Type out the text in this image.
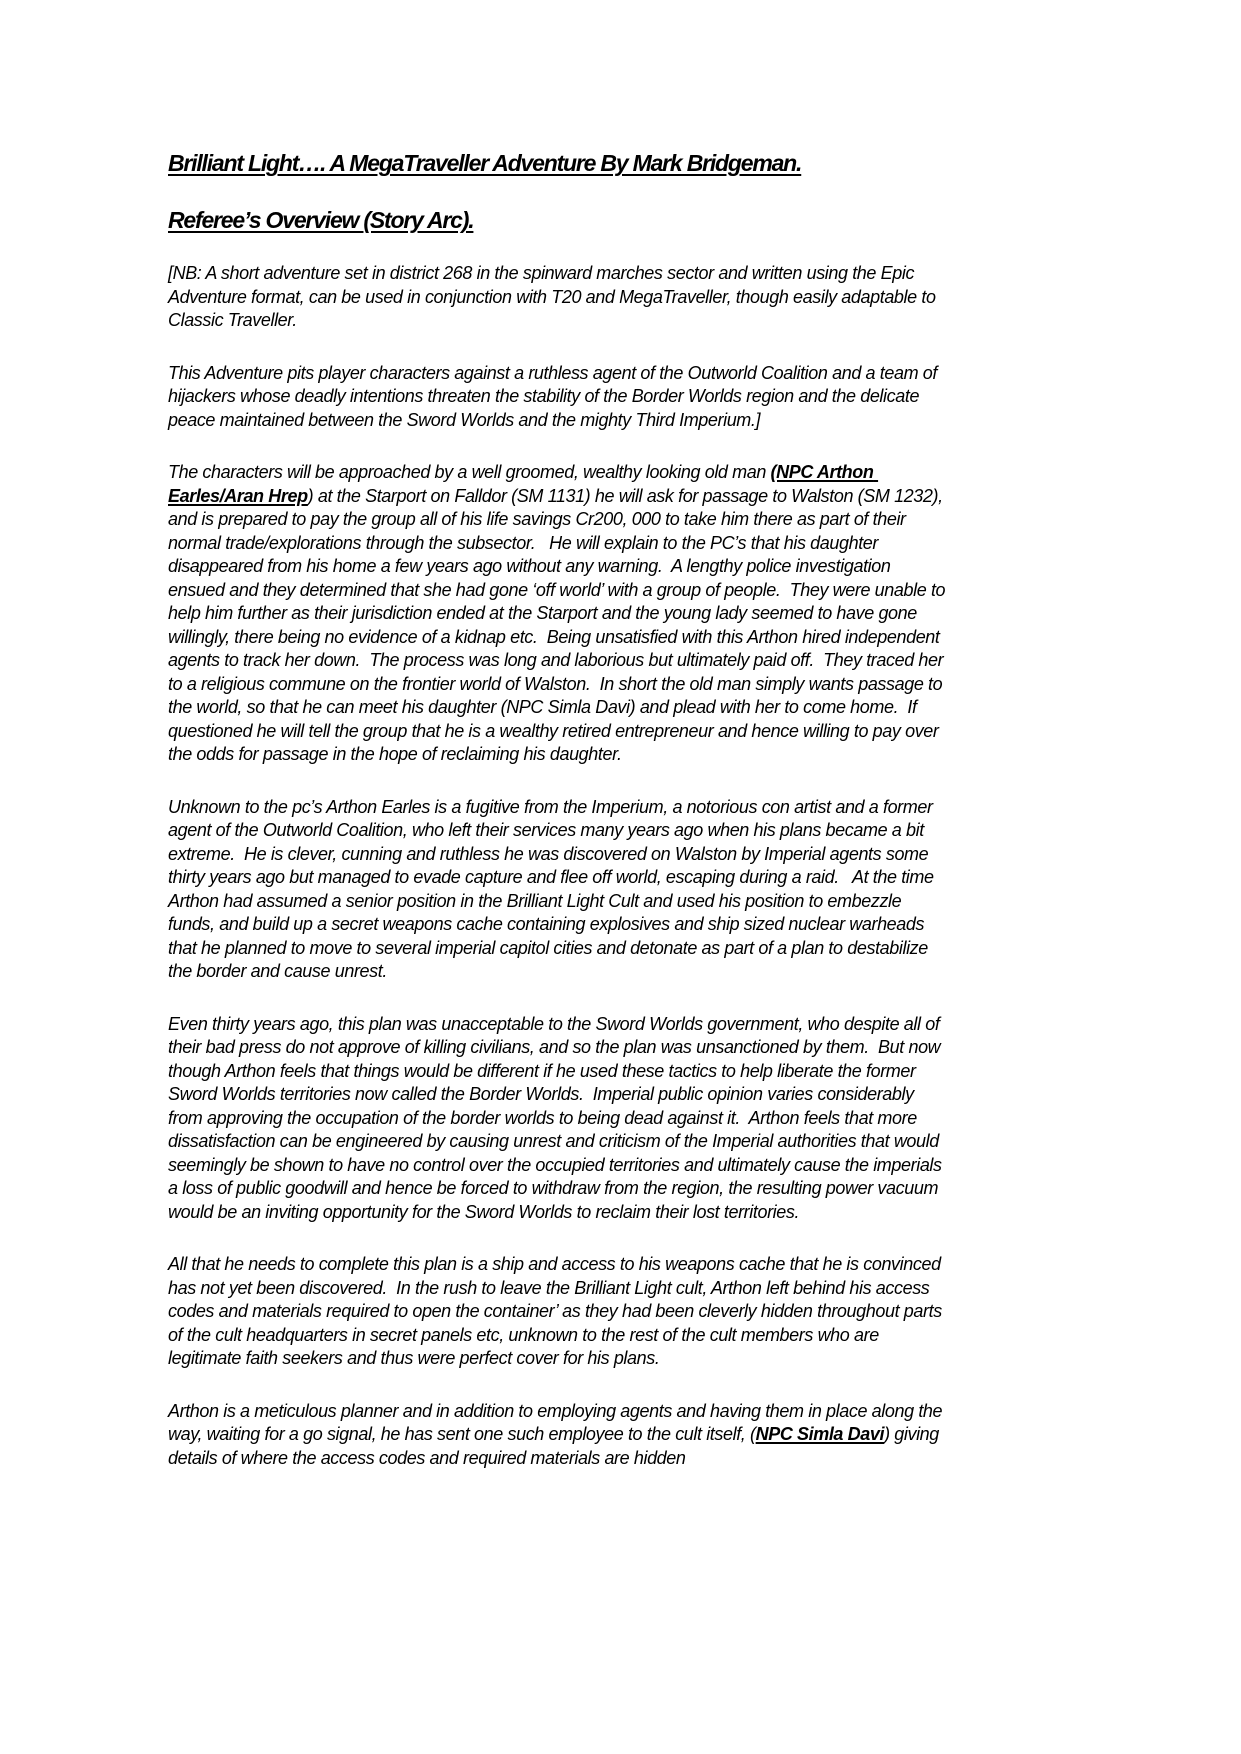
Brilliant Light…. A MegaTraveller Adventure By Mark Bridgeman.
Referee’s Overview (Story Arc).

[NB: A short adventure set in district 268 in the spinward marches sector and written using the Epic Adventure format, can be used in conjunction with T20 and MegaTraveller, though easily adaptable to Classic Traveller.

This Adventure pits player characters against a ruthless agent of the Outworld Coalition and a team of hijackers whose deadly intentions threaten the stability of the Border Worlds region and the delicate peace maintained between the Sword Worlds and the mighty Third Imperium.]

The characters will be approached by a well groomed, wealthy looking old man (NPC Arthon Earles/Aran Hrep) at the Starport on Falldor (SM 1131) he will ask for passage to Walston (SM 1232), and is prepared to pay the group all of his life savings Cr200, 000 to take him there as part of their normal trade/explorations through the subsector.   He will explain to the PC’s that his daughter disappeared from his home a few years ago without any warning.  A lengthy police investigation ensued and they determined that she had gone ‘off world’ with a group of people.  They were unable to help him further as their jurisdiction ended at the Starport and the young lady seemed to have gone willingly, there being no evidence of a kidnap etc.  Being unsatisfied with this Arthon hired independent agents to track her down.  The process was long and laborious but ultimately paid off.  They traced her to a religious commune on the frontier world of Walston.  In short the old man simply wants passage to the world, so that he can meet his daughter (NPC Simla Davi) and plead with her to come home.  If questioned he will tell the group that he is a wealthy retired entrepreneur and hence willing to pay over the odds for passage in the hope of reclaiming his daughter.

Unknown to the pc’s Arthon Earles is a fugitive from the Imperium, a notorious con artist and a former agent of the Outworld Coalition, who left their services many years ago when his plans became a bit extreme.  He is clever, cunning and ruthless he was discovered on Walston by Imperial agents some thirty years ago but managed to evade capture and flee off world, escaping during a raid.   At the time Arthon had assumed a senior position in the Brilliant Light Cult and used his position to embezzle funds, and build up a secret weapons cache containing explosives and ship sized nuclear warheads that he planned to move to several imperial capitol cities and detonate as part of a plan to destabilize the border and cause unrest.

Even thirty years ago, this plan was unacceptable to the Sword Worlds government, who despite all of their bad press do not approve of killing civilians, and so the plan was unsanctioned by them.  But now though Arthon feels that things would be different if he used these tactics to help liberate the former Sword Worlds territories now called the Border Worlds.  Imperial public opinion varies considerably from approving the occupation of the border worlds to being dead against it.  Arthon feels that more dissatisfaction can be engineered by causing unrest and criticism of the Imperial authorities that would seemingly be shown to have no control over the occupied territories and ultimately cause the imperials a loss of public goodwill and hence be forced to withdraw from the region, the resulting power vacuum would be an inviting opportunity for the Sword Worlds to reclaim their lost territories.

All that he needs to complete this plan is a ship and access to his weapons cache that he is convinced has not yet been discovered.  In the rush to leave the Brilliant Light cult, Arthon left behind his access codes and materials required to open the container’ as they had been cleverly hidden throughout parts of the cult headquarters in secret panels etc, unknown to the rest of the cult members who are legitimate faith seekers and thus were perfect cover for his plans.

Arthon is a meticulous planner and in addition to employing agents and having them in place along the way, waiting for a go signal, he has sent one such employee to the cult itself, (NPC Simla Davi) giving details of where the access codes and required materials are hidden
